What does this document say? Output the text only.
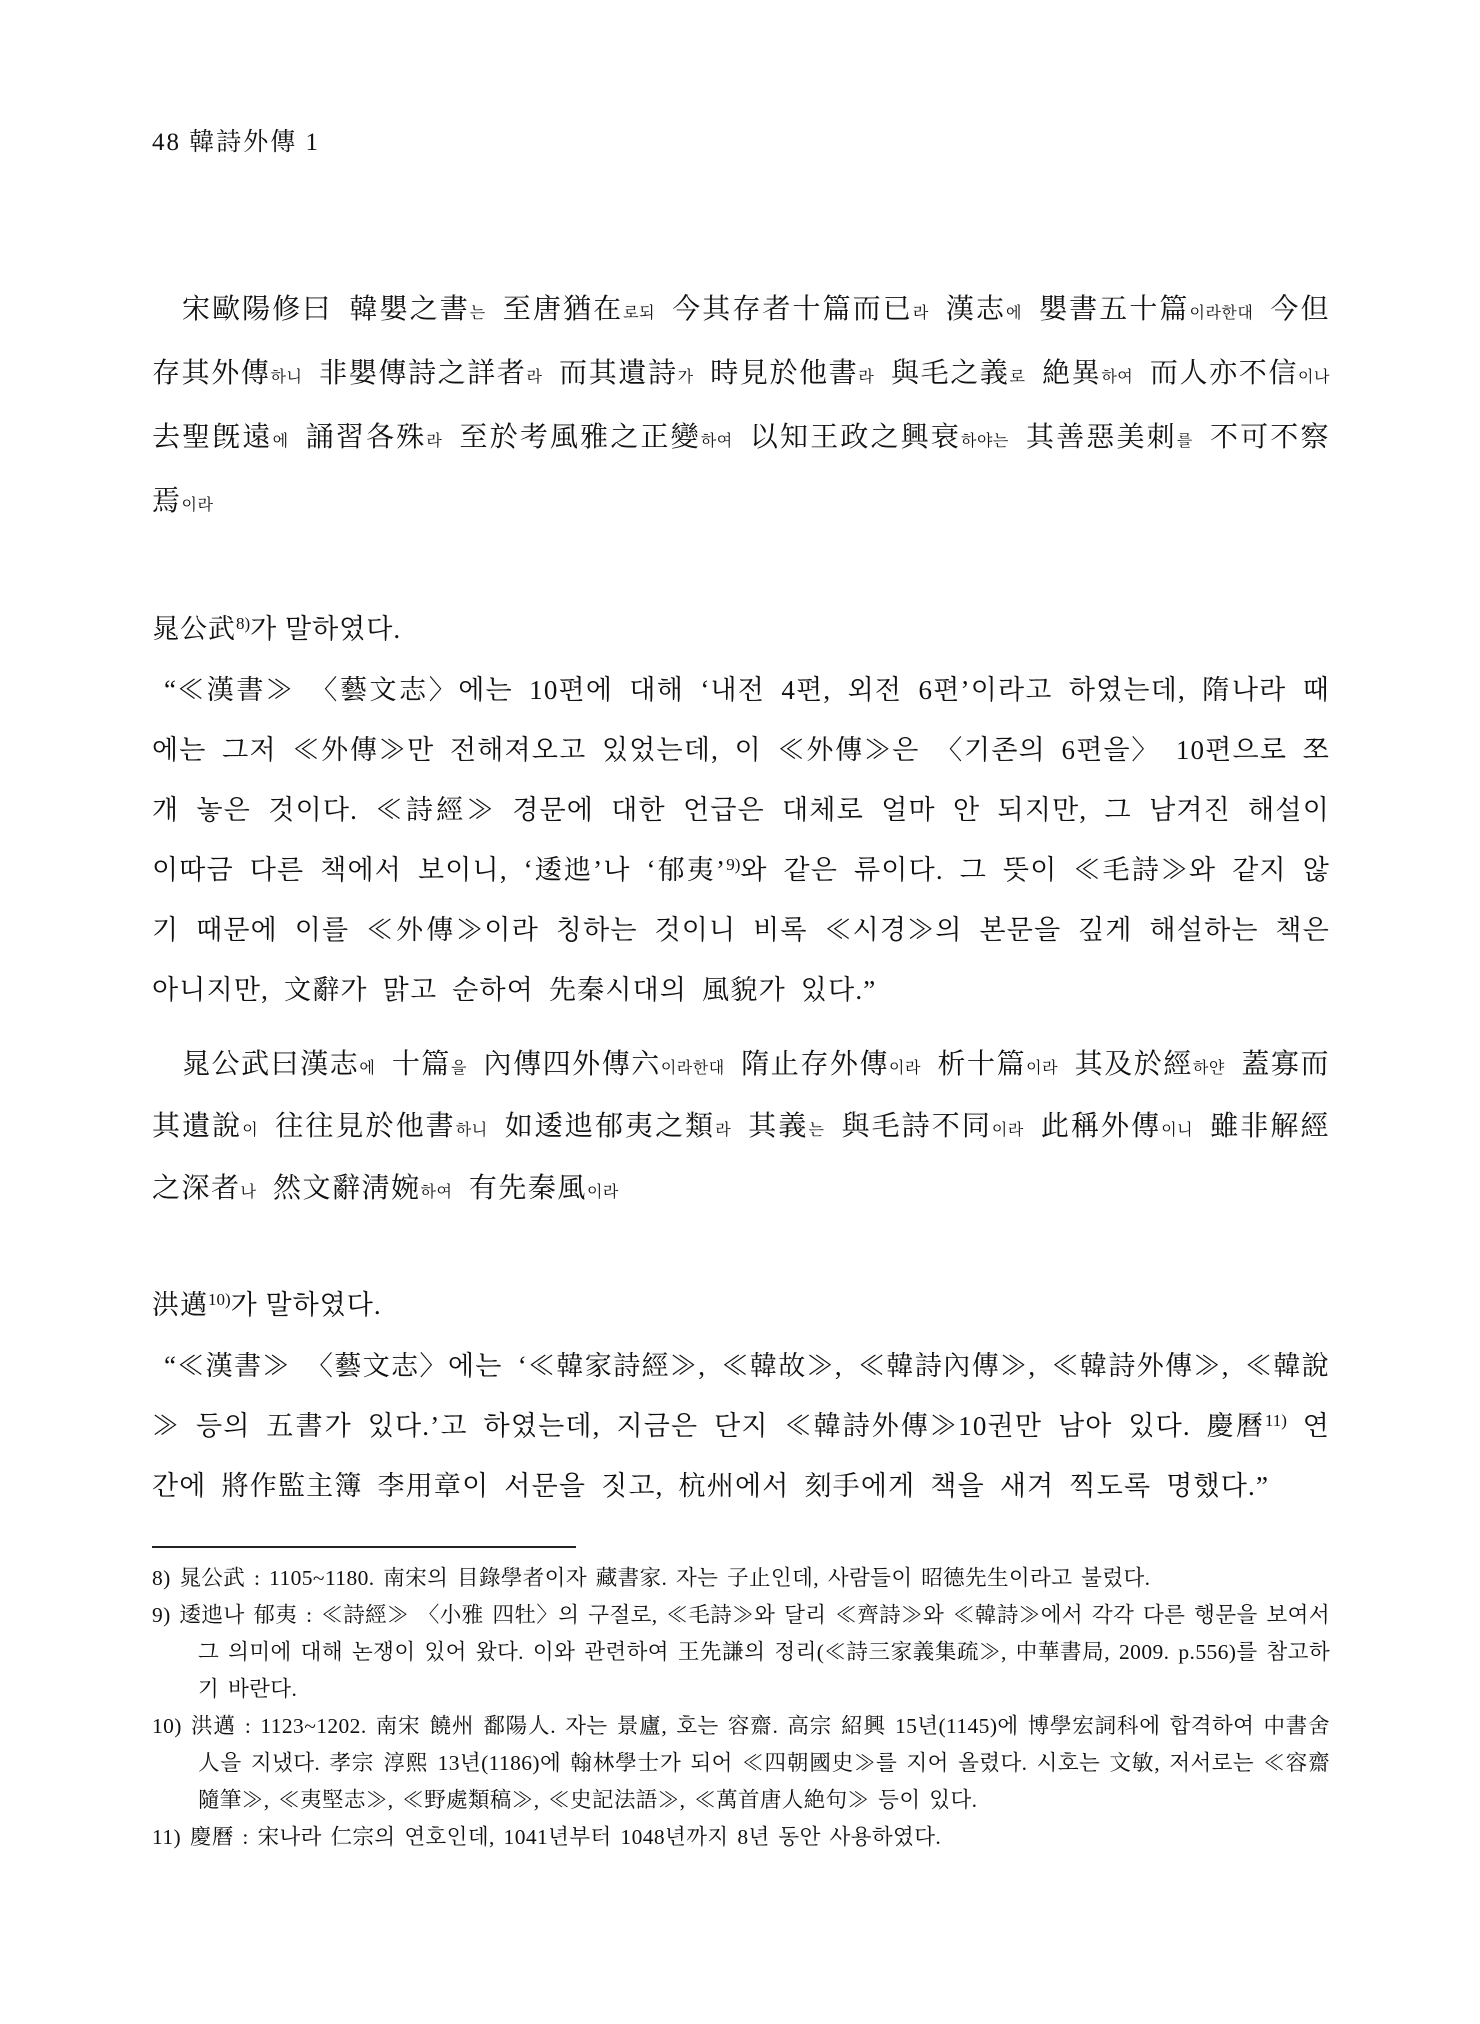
48 韓詩外傳 1

宋歐陽修曰 韓嬰之書는 至唐猶在로되 今其存者十篇而已라 漢志에 嬰書五十篇이라한대 今但存其外傳하니 非嬰傳詩之詳者라 而其遺詩가 時見於他書라 與毛之義로 絶異하여 而人亦不信이나 去聖旣遠에 誦習各殊라 至於考風雅之正變하여 以知王政之興衰하야는 其善惡美刺를 不可不察焉이라

晁公武$^{8)}$가 말하였다.

“≪漢書≫ 〈藝文志〉에는 10편에 대해 ‘내전 4편, 외전 6편’이라고 하였는데, 隋나라 때에는 그저 ≪外傳≫만 전해져오고 있었는데, 이 ≪外傳≫은 〈기존의 6편을〉 10편으로 쪼개 놓은 것이다. ≪詩經≫ 경문에 대한 언급은 대체로 얼마 안 되지만, 그 남겨진 해설이 이따금 다른 책에서 보이니, ‘逶迆’나 ‘郁夷’$^{9)}$와 같은 류이다. 그 뜻이 ≪毛詩≫와 같지 않기 때문에 이를 ≪外傳≫이라 칭하는 것이니 비록 ≪시경≫의 본문을 깊게 해설하는 책은 아니지만, 文辭가 맑고 순하여 先秦시대의 風貌가 있다.”

晁公武曰漢志에 十篇을 內傳四外傳六이라한대 隋止存外傳이라 析十篇이라 其及於經하얀 蓋寡而其遺說이 往往見於他書하니 如逶迆郁夷之類라 其義는 與毛詩不同이라 此稱外傳이니 雖非解經之深者나 然文辭淸婉하여 有先秦風이라

洪邁$^{10)}$가 말하였다.

“≪漢書≫ 〈藝文志〉에는 ‘≪韓家詩經≫, ≪韓故≫, ≪韓詩內傳≫, ≪韓詩外傳≫, ≪韓說≫ 등의 五書가 있다.’고 하였는데, 지금은 단지 ≪韓詩外傳≫10권만 남아 있다. 慶曆$^{11)}$ 연간에 將作監主簿 李用章이 서문을 짓고, 杭州에서 刻手에게 책을 새겨 찍도록 명했다.”

8) 晁公武 : 1105~1180. 南宋의 目錄學者이자 藏書家. 자는 子止인데, 사람들이 昭德先生이라고 불렀다.
9) 逶迆나 郁夷 : ≪詩經≫ 〈小雅 四牡〉의 구절로, ≪毛詩≫와 달리 ≪齊詩≫와 ≪韓詩≫에서 각각 다른 행문을 보여서 그 의미에 대해 논쟁이 있어 왔다. 이와 관련하여 王先謙의 정리(≪詩三家義集疏≫, 中華書局, 2009. p.556)를 참고하기 바란다.
10) 洪邁 : 1123~1202. 南宋 饒州 鄱陽人. 자는 景廬, 호는 容齋. 高宗 紹興 15년(1145)에 博學宏詞科에 합격하여 中書舍人을 지냈다. 孝宗 淳熙 13년(1186)에 翰林學士가 되어 ≪四朝國史≫를 지어 올렸다. 시호는 文敏, 저서로는 ≪容齋隨筆≫, ≪夷堅志≫, ≪野處類稿≫, ≪史記法語≫, ≪萬首唐人絶句≫ 등이 있다.
11) 慶曆 : 宋나라 仁宗의 연호인데, 1041년부터 1048년까지 8년 동안 사용하였다.
